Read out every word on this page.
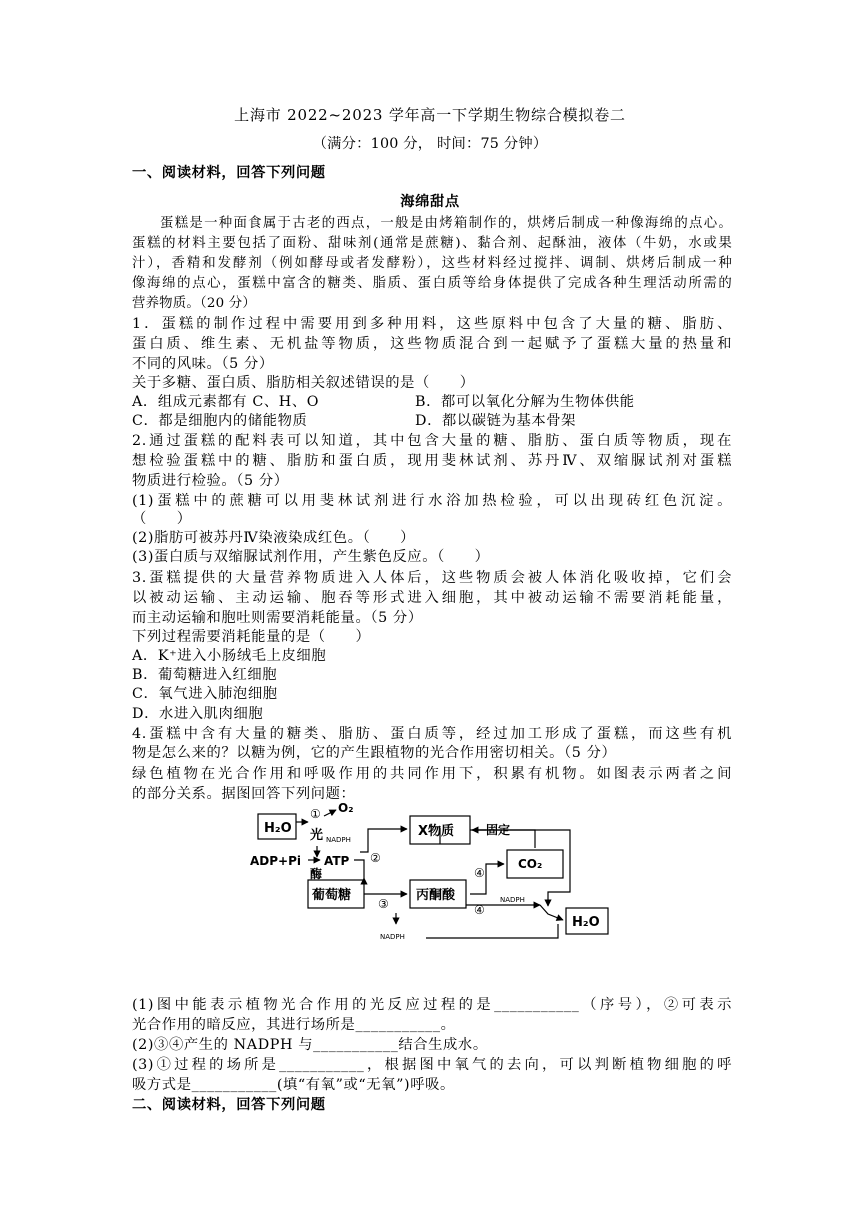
上海市 2022~2023 学年高一下学期生物综合模拟卷二
（满分：100 分， 时间：75 分钟）
一、阅读材料，回答下列问题
海绵甜点
蛋糕是一种面食属于古老的西点，一般是由烤箱制作的，烘烤后制成一种像海绵的点心。
蛋糕的材料主要包括了面粉、甜味剂(通常是蔗糖)、黏合剂、起酥油，液体（牛奶，水或果
汁），香精和发酵剂（例如酵母或者发酵粉），这些材料经过搅拌、调制、烘烤后制成一种
像海绵的点心，蛋糕中富含的糖类、脂质、蛋白质等给身体提供了完成各种生理活动所需的
营养物质。（20 分）
1．蛋糕的制作过程中需要用到多种用料，这些原料中包含了大量的糖、脂肪、
蛋白质、维生素、无机盐等物质，这些物质混合到一起赋予了蛋糕大量的热量和
不同的风味。（5 分）
关于多糖、蛋白质、脂肪相关叙述错误的是（　　）
A．组成元素都有 C、H、O	B．都可以氧化分解为生物体供能
C．都是细胞内的储能物质	D．都以碳链为基本骨架
2.通过蛋糕的配料表可以知道，其中包含大量的糖、脂肪、蛋白质等物质，现在
想检验蛋糕中的糖、脂肪和蛋白质，现用斐林试剂、苏丹Ⅳ、双缩脲试剂对蛋糕
物质进行检验。（5 分）
(1)蛋糕中的蔗糖可以用斐林试剂进行水浴加热检验，可以出现砖红色沉淀。
（　　）
(2)脂肪可被苏丹Ⅳ染液染成红色。（　　）
(3)蛋白质与双缩脲试剂作用，产生紫色反应。（　　）
3.蛋糕提供的大量营养物质进入人体后，这些物质会被人体消化吸收掉，它们会
以被动运输、主动运输、胞吞等形式进入细胞，其中被动运输不需要消耗能量，
而主动运输和胞吐则需要消耗能量。（5 分）
下列过程需要消耗能量的是（　　）
A．K⁺进入小肠绒毛上皮细胞
B．葡萄糖进入红细胞
C．氧气进入肺泡细胞
D．水进入肌肉细胞
4.蛋糕中含有大量的糖类、脂肪、蛋白质等，经过加工形成了蛋糕，而这些有机
物是怎么来的？以糖为例，它的产生跟植物的光合作用密切相关。（5 分）
绿色植物在光合作用和呼吸作用的共同作用下，积累有机物。如图表示两者之间
的部分关系。据图回答下列问题：
H₂O
① O₂
光 NADPH
X物质	固定
ADP+Pi ATP ②
酶	④
CO₂
葡萄糖	丙酮酸
③	④
NADPH
NADPH
H₂O
(1)图中能表示植物光合作用的光反应过程的是___________（序号），②可表示
光合作用的暗反应，其进行场所是___________。
(2)③④产生的 NADPH 与___________结合生成水。
(3)①过程的场所是___________，根据图中氧气的去向，可以判断植物细胞的呼
吸方式是___________(填“有氧”或“无氧”)呼吸。
二、阅读材料，回答下列问题
